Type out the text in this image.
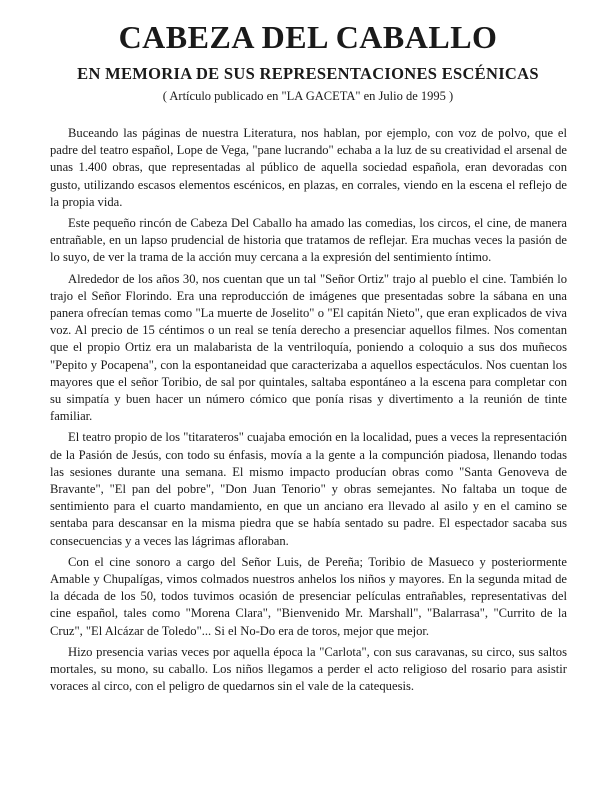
CABEZA DEL CABALLO
EN MEMORIA DE SUS REPRESENTACIONES ESCÉNICAS
( Artículo publicado en "LA GACETA" en Julio de 1995 )

Buceando las páginas de nuestra Literatura, nos hablan, por ejemplo, con voz de polvo, que el padre del teatro español, Lope de Vega, "pane lucrando" echaba a la luz de su creatividad el arsenal de unas 1.400 obras, que representadas al público de aquella sociedad española, eran devoradas con gusto, utilizando escasos elementos escénicos, en plazas, en corrales, viendo en la escena el reflejo de la propia vida.

Este pequeño rincón de Cabeza Del Caballo ha amado las comedias, los circos, el cine, de manera entrañable, en un lapso prudencial de historia que tratamos de reflejar. Era muchas veces la pasión de lo suyo, de ver la trama de la acción muy cercana a la expresión del sentimiento íntimo.

Alrededor de los años 30, nos cuentan que un tal "Señor Ortiz" trajo al pueblo el cine. También lo trajo el Señor Florindo. Era una reproducción de imágenes que presentadas sobre la sábana en una panera ofrecían temas como "La muerte de Joselito" o "El capitán Nieto", que eran explicados de viva voz. Al precio de 15 céntimos o un real se tenía derecho a presenciar aquellos filmes. Nos comentan que el propio Ortiz era un malabarista de la ventriloquía, poniendo a coloquio a sus dos muñecos "Pepito y Pocapena", con la espontaneidad que caracterizaba a aquellos espectáculos. Nos cuentan los mayores que el señor Toribio, de sal por quintales, saltaba espontáneo a la escena para completar con su simpatía y buen hacer un número cómico que ponía risas y divertimento a la reunión de tinte familiar.

El teatro propio de los "titarateros" cuajaba emoción en la localidad, pues a veces la representación de la Pasión de Jesús, con todo su énfasis, movía a la gente a la compunción piadosa, llenando todas las sesiones durante una semana. El mismo impacto producían obras como "Santa Genoveva de Bravante", "El pan del pobre", "Don Juan Tenorio" y obras semejantes. No faltaba un toque de sentimiento para el cuarto mandamiento, en que un anciano era llevado al asilo y en el camino se sentaba para descansar en la misma piedra que se había sentado su padre. El espectador sacaba sus consecuencias y a veces las lágrimas afloraban.

Con el cine sonoro a cargo del Señor Luis, de Pereña; Toribio de Masueco y posteriormente Amable y Chupalígas, vimos colmados nuestros anhelos los niños y mayores. En la segunda mitad de la década de los 50, todos tuvimos ocasión de presenciar películas entrañables, representativas del cine español, tales como "Morena Clara", "Bienvenido Mr. Marshall", "Balarrasa", "Currito de la Cruz", "El Alcázar de Toledo"... Si el No-Do era de toros, mejor que mejor.

Hizo presencia varias veces por aquella época la "Carlota", con sus caravanas, su circo, sus saltos mortales, su mono, su caballo. Los niños llegamos a perder el acto religioso del rosario para asistir voraces al circo, con el peligro de quedarnos sin el vale de la catequesis.
